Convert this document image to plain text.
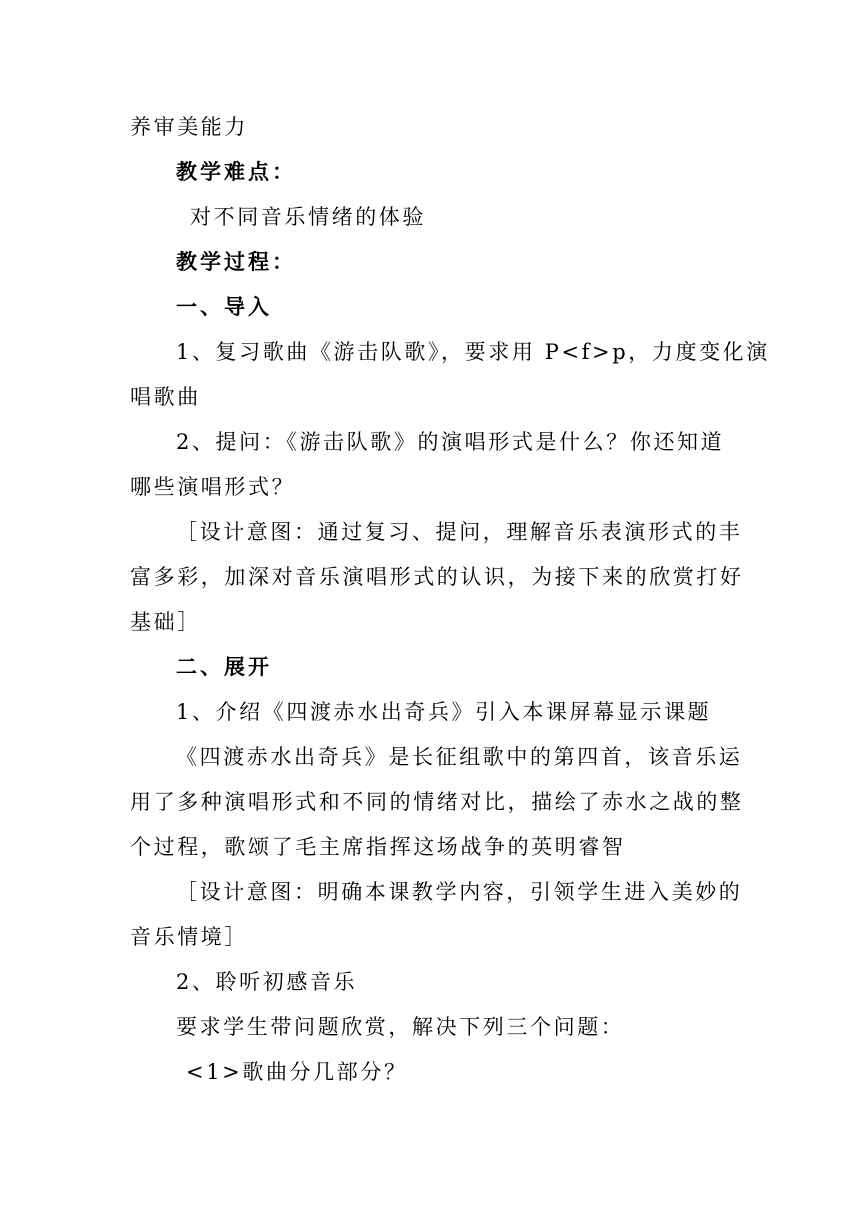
养审美能力
教学难点：
对不同音乐情绪的体验
教学过程：
一、导入
1、复习歌曲《游击队歌》，要求用 P<f>p，力度变化演
唱歌曲
2、提问：《游击队歌》的演唱形式是什么？你还知道
哪些演唱形式？
［设计意图：通过复习、提问，理解音乐表演形式的丰
富多彩，加深对音乐演唱形式的认识，为接下来的欣赏打好
基础］
二、展开
1、介绍《四渡赤水出奇兵》引入本课屏幕显示课题
《四渡赤水出奇兵》是长征组歌中的第四首，该音乐运
用了多种演唱形式和不同的情绪对比，描绘了赤水之战的整
个过程，歌颂了毛主席指挥这场战争的英明睿智
［设计意图：明确本课教学内容，引领学生进入美妙的
音乐情境］
2、聆听初感音乐
要求学生带问题欣赏，解决下列三个问题：
<1>歌曲分几部分？
